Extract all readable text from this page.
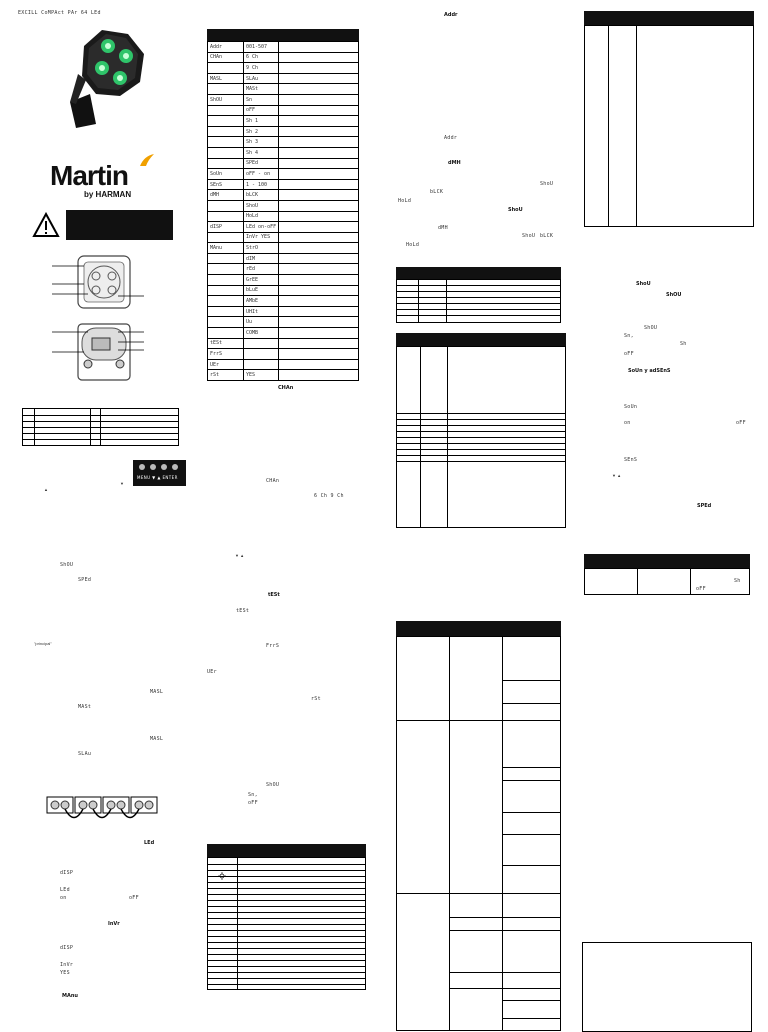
EXCILL CoMPAct PAr 64 LEd
Martin
by HARMAN
MENU ▼ ▲ ENTER
▲
▼
ShOU
SPEd
"principal"
MASL
MASt
MASL
SLAu
LEd
dISP
LEd
on	oFF
InVr
dISP
InVr
YES
MAnu
Addr	001-507	
CHAn	6 Ch	
	9 Ch	
MASL	SLAu	
	MASt	
ShOU	Sn	
	oFF	
	Sh 1	
	Sh 2	
	Sh 3	
	Sh 4	
	SPEd	
SoUn	oFF - on	
SEnS	1 - 100	
dMH	bLCK	
	ShoU	
	HoLd	
dISP	LEd on-oFF	
	InVr YES	
MAnu	StrO	
	dIM	
	rEd	
	GrEE	
	bLuE	
	AMbE	
	UHIt	
	Uu	
	COMB	
tESt		
FrrS		
UEr		
rSt	YES	
CHAn
CHAn
6 Ch 9 Ch
▼ ▲
tESt
tESt
FrrS
UEr
rSt
ShOU
Sn,
oFF
Addr
Addr
dMH
bLCK
ShoU
HoLd
ShoU
dMH
ShoU bLCK
HoLd
ShoU
ShOU
ShOU
Sn,
Sh
oFF
SoUn y adSEnS
SoUn
on	oFF
SEnS
▼ ▲
SPEd
Sh
oFF
